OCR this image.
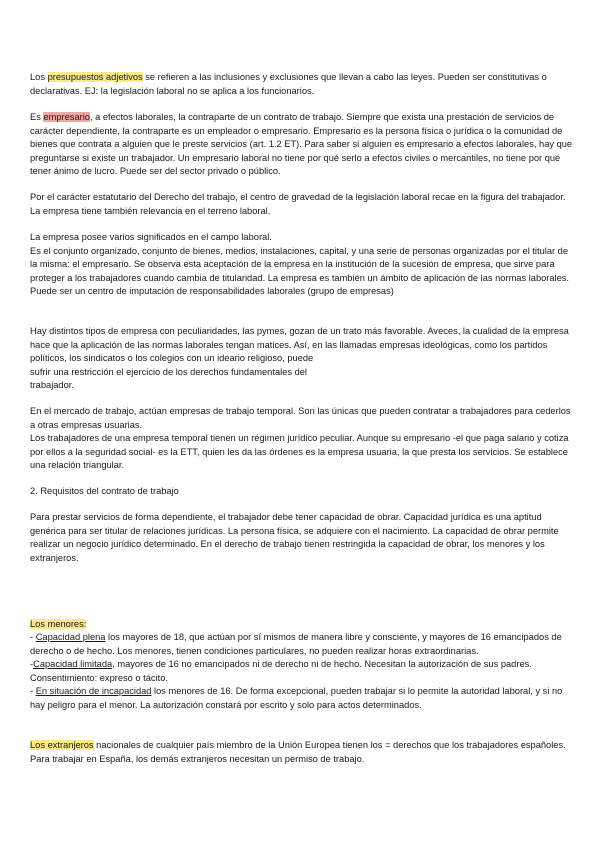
Los presupuestos adjetivos se refieren a las inclusiones y exclusiones que llevan a cabo las leyes. Pueden ser constitutivas o declarativas. EJ: la legislación laboral no se aplica a los funcionarios.

Es empresario, a efectos laborales, la contraparte de un contrato de trabajo. Siempre que exista una prestación de servicios de carácter dependiente, la contraparte es un empleador o empresario. Empresario es la persona física o jurídica o la comunidad de bienes que contrata a alguien que le preste servicios (art. 1.2 ET). Para saber si alguien es empresario a efectos laborales, hay que preguntarse si existe un trabajador. Un empresario laboral no tiene por qué serlo a efectos civiles o mercantiles, no tiene por qué tener ánimo de lucro. Puede ser del sector privado o público.

Por el carácter estatutario del Derecho del trabajo, el centro de gravedad de la legislación laboral recae en la figura del trabajador. La empresa tiene también relevancia en el terreno laboral.

La empresa posee varios significados en el campo laboral.
Es el conjunto organizado, conjunto de bienes, medios, instalaciones, capital, y una serie de personas organizadas por el titular de la misma: el empresario. Se observa esta aceptación de la empresa en la institución de la sucesión de empresa, que sirve para proteger a los trabajadores cuando cambia de titularidad. La empresa es también un ámbito de aplicación de las normas laborales. Puede ser un centro de imputación de responsabilidades laborales (grupo de empresas)

Hay distintos tipos de empresa con peculiaridades, las pymes, gozan de un trato más favorable. Aveces, la cualidad de la empresa hace que la aplicación de las normas laborales tengan matices. Así, en las llamadas empresas ideológicas, como los partidos políticos, los sindicatos o los colegios con un ideario religioso, puede
sufrir una restricción el ejercicio de los derechos fundamentales del
trabajador.

En el mercado de trabajo, actúan empresas de trabajo temporal. Son las únicas que pueden contratar a trabajadores para cederlos a otras empresas usuarias.
Los trabajadores de una empresa temporal tienen un régimen jurídico peculiar. Aunque su empresario -el que paga salario y cotiza por ellos a la seguridad social- es la ETT, quien les da las órdenes es la empresa usuaria, la que presta los servicios. Se establece una relación triangular.

2. Requisitos del contrato de trabajo

Para prestar servicios de forma dependiente, el trabajador debe tener capacidad de obrar. Capacidad jurídica es una aptitud genérica para ser titular de relaciones jurídicas. La persona física, se adquiere con el nacimiento. La capacidad de obrar permite realizar un negocio jurídico determinado. En el derecho de trabajo tienen restringida la capacidad de obrar, los menores y los extranjeros.

Los menores:

- Capacidad plena los mayores de 18, que actúan por sí mismos de manera libre y consciente, y mayores de 16 emancipados de derecho o de hecho. Los menores, tienen condiciones particulares, no pueden realizar horas extraordinarias.
-Capacidad limitada, mayores de 16 no emancipados ni de derecho ni de hecho. Necesitan la autorización de sus padres. Consentimiento: expreso o tácito.
- En situación de incapacidad los menores de 16. De forma excepcional, pueden trabajar si lo permite la autoridad laboral, y si no hay peligro para el menor. La autorización constará por escrito y solo para actos determinados.

Los extranjeros nacionales de cualquier país miembro de la Unión Europea tienen los = derechos que los trabajadores españoles. Para trabajar en España, los demás extranjeros necesitan un permiso de trabajo.
